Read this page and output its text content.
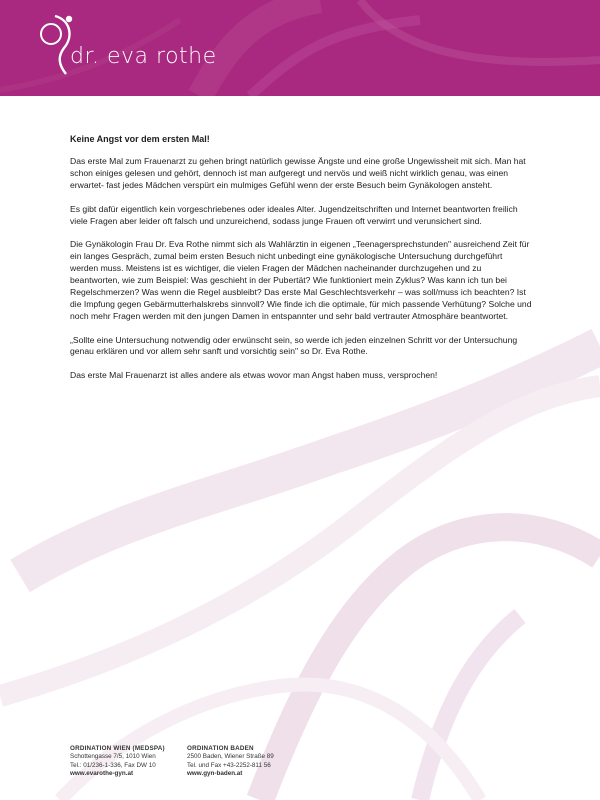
dr. eva rothe
Keine Angst vor dem ersten Mal!

Das erste Mal zum Frauenarzt zu gehen bringt natürlich gewisse Ängste und eine große Ungewissheit mit sich. Man hat schon einiges gelesen und gehört, dennoch ist man aufgeregt und nervös und weiß nicht wirklich genau, was einen erwartet- fast jedes Mädchen verspürt ein mulmiges Gefühl wenn der erste Besuch beim Gynäkologen ansteht.

Es gibt dafür eigentlich kein vorgeschriebenes oder ideales Alter. Jugendzeitschriften und Internet beantworten freilich viele Fragen aber leider oft falsch und unzureichend, sodass junge Frauen oft verwirrt und verunsichert sind.

Die Gynäkologin Frau Dr. Eva Rothe nimmt sich als Wahlärztin in eigenen „Teenagersprechstunden" ausreichend Zeit für ein langes Gespräch, zumal beim ersten Besuch nicht unbedingt eine gynäkologische Untersuchung durchgeführt werden muss. Meistens ist es wichtiger, die vielen Fragen der Mädchen nacheinander durchzugehen und zu beantworten, wie zum Beispiel: Was geschieht in der Pubertät? Wie funktioniert mein Zyklus? Was kann ich tun bei Regelschmerzen? Was wenn die Regel ausbleibt? Das erste Mal Geschlechtsverkehr – was soll/muss ich beachten? Ist die Impfung gegen Gebärmutterhalskrebs sinnvoll? Wie finde ich die optimale, für mich passende Verhütung? Solche und noch mehr Fragen werden mit den jungen Damen in entspannter und sehr bald vertrauter Atmosphäre beantwortet.

„Sollte eine Untersuchung notwendig oder erwünscht sein, so werde ich jeden einzelnen Schritt vor der Untersuchung genau erklären und vor allem sehr sanft und vorsichtig sein" so Dr. Eva Rothe.

Das erste Mal Frauenarzt ist alles andere als etwas wovor man Angst haben muss, versprochen!

ORDINATION WIEN (MEDSPA)
Schottengasse 7/5, 1010 Wien
Tel.: 01/236-1-336, Fax DW 10
www.evarothe-gyn.at
ORDINATION BADEN
2500 Baden, Wiener Straße 89
Tel. und Fax +43-2252-811 56
www.gyn-baden.at
